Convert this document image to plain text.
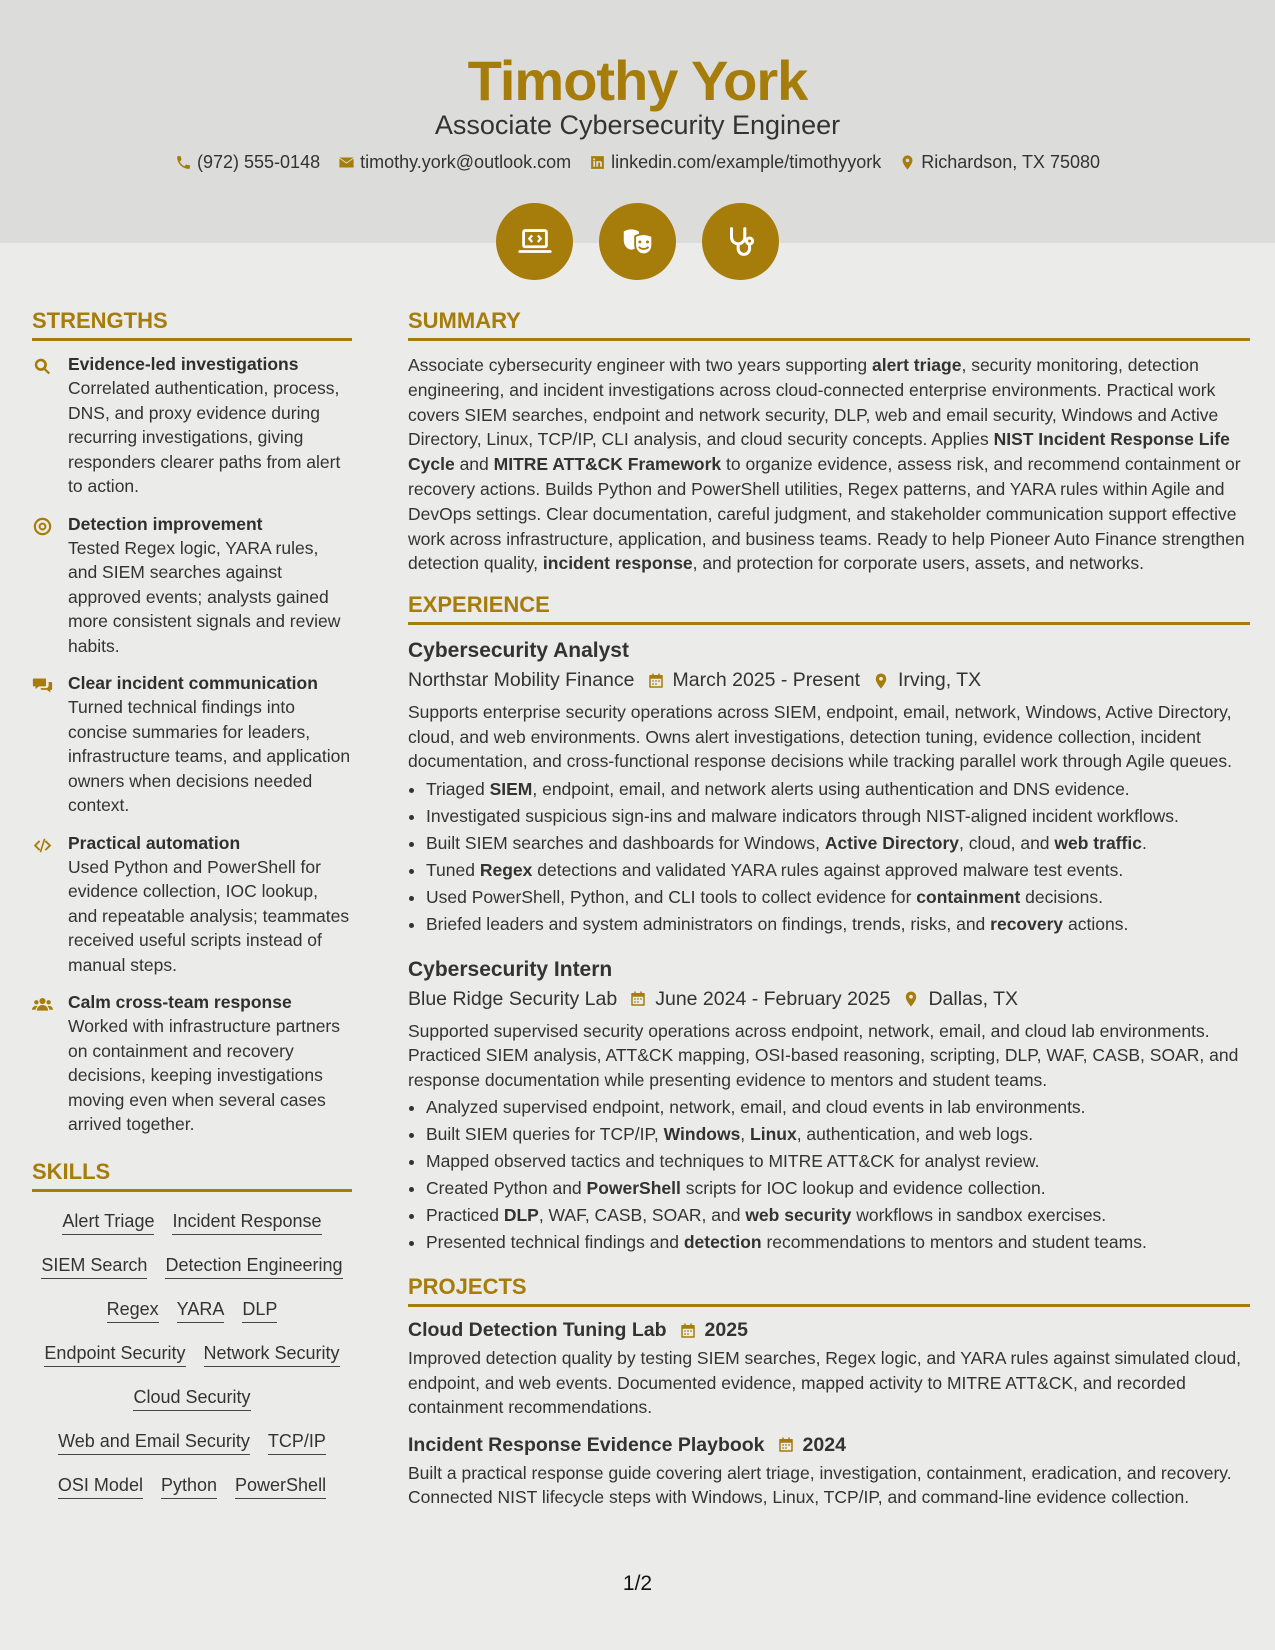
Timothy York
Associate Cybersecurity Engineer
(972) 555-0148 timothy.york@outlook.com linkedin.com/example/timothyyork Richardson, TX 75080
STRENGTHS
Evidence-led investigations
Correlated authentication, process, DNS, and proxy evidence during recurring investigations, giving responders clearer paths from alert to action.
Detection improvement
Tested Regex logic, YARA rules, and SIEM searches against approved events; analysts gained more consistent signals and review habits.
Clear incident communication
Turned technical findings into concise summaries for leaders, infrastructure teams, and application owners when decisions needed context.
Practical automation
Used Python and PowerShell for evidence collection, IOC lookup, and repeatable analysis; teammates received useful scripts instead of manual steps.
Calm cross-team response
Worked with infrastructure partners on containment and recovery decisions, keeping investigations moving even when several cases arrived together.
SKILLS
Alert Triage Incident Response
SIEM Search Detection Engineering
Regex YARA DLP
Endpoint Security Network Security
Cloud Security
Web and Email Security TCP/IP
OSI Model Python PowerShell
SUMMARY
Associate cybersecurity engineer with two years supporting alert triage, security monitoring, detection engineering, and incident investigations across cloud-connected enterprise environments. Practical work covers SIEM searches, endpoint and network security, DLP, web and email security, Windows and Active Directory, Linux, TCP/IP, CLI analysis, and cloud security concepts. Applies NIST Incident Response Life Cycle and MITRE ATT&CK Framework to organize evidence, assess risk, and recommend containment or recovery actions. Builds Python and PowerShell utilities, Regex patterns, and YARA rules within Agile and DevOps settings. Clear documentation, careful judgment, and stakeholder communication support effective work across infrastructure, application, and business teams. Ready to help Pioneer Auto Finance strengthen detection quality, incident response, and protection for corporate users, assets, and networks.
EXPERIENCE
Cybersecurity Analyst
Northstar Mobility Finance March 2025 - Present Irving, TX
Supports enterprise security operations across SIEM, endpoint, email, network, Windows, Active Directory, cloud, and web environments. Owns alert investigations, detection tuning, evidence collection, incident documentation, and cross-functional response decisions while tracking parallel work through Agile queues.
• Triaged SIEM, endpoint, email, and network alerts using authentication and DNS evidence.
• Investigated suspicious sign-ins and malware indicators through NIST-aligned incident workflows.
• Built SIEM searches and dashboards for Windows, Active Directory, cloud, and web traffic.
• Tuned Regex detections and validated YARA rules against approved malware test events.
• Used PowerShell, Python, and CLI tools to collect evidence for containment decisions.
• Briefed leaders and system administrators on findings, trends, risks, and recovery actions.
Cybersecurity Intern
Blue Ridge Security Lab June 2024 - February 2025 Dallas, TX
Supported supervised security operations across endpoint, network, email, and cloud lab environments. Practiced SIEM analysis, ATT&CK mapping, OSI-based reasoning, scripting, DLP, WAF, CASB, SOAR, and response documentation while presenting evidence to mentors and student teams.
• Analyzed supervised endpoint, network, email, and cloud events in lab environments.
• Built SIEM queries for TCP/IP, Windows, Linux, authentication, and web logs.
• Mapped observed tactics and techniques to MITRE ATT&CK for analyst review.
• Created Python and PowerShell scripts for IOC lookup and evidence collection.
• Practiced DLP, WAF, CASB, SOAR, and web security workflows in sandbox exercises.
• Presented technical findings and detection recommendations to mentors and student teams.
PROJECTS
Cloud Detection Tuning Lab 2025
Improved detection quality by testing SIEM searches, Regex logic, and YARA rules against simulated cloud, endpoint, and web events. Documented evidence, mapped activity to MITRE ATT&CK, and recorded containment recommendations.
Incident Response Evidence Playbook 2024
Built a practical response guide covering alert triage, investigation, containment, eradication, and recovery. Connected NIST lifecycle steps with Windows, Linux, TCP/IP, and command-line evidence collection.
1/2
